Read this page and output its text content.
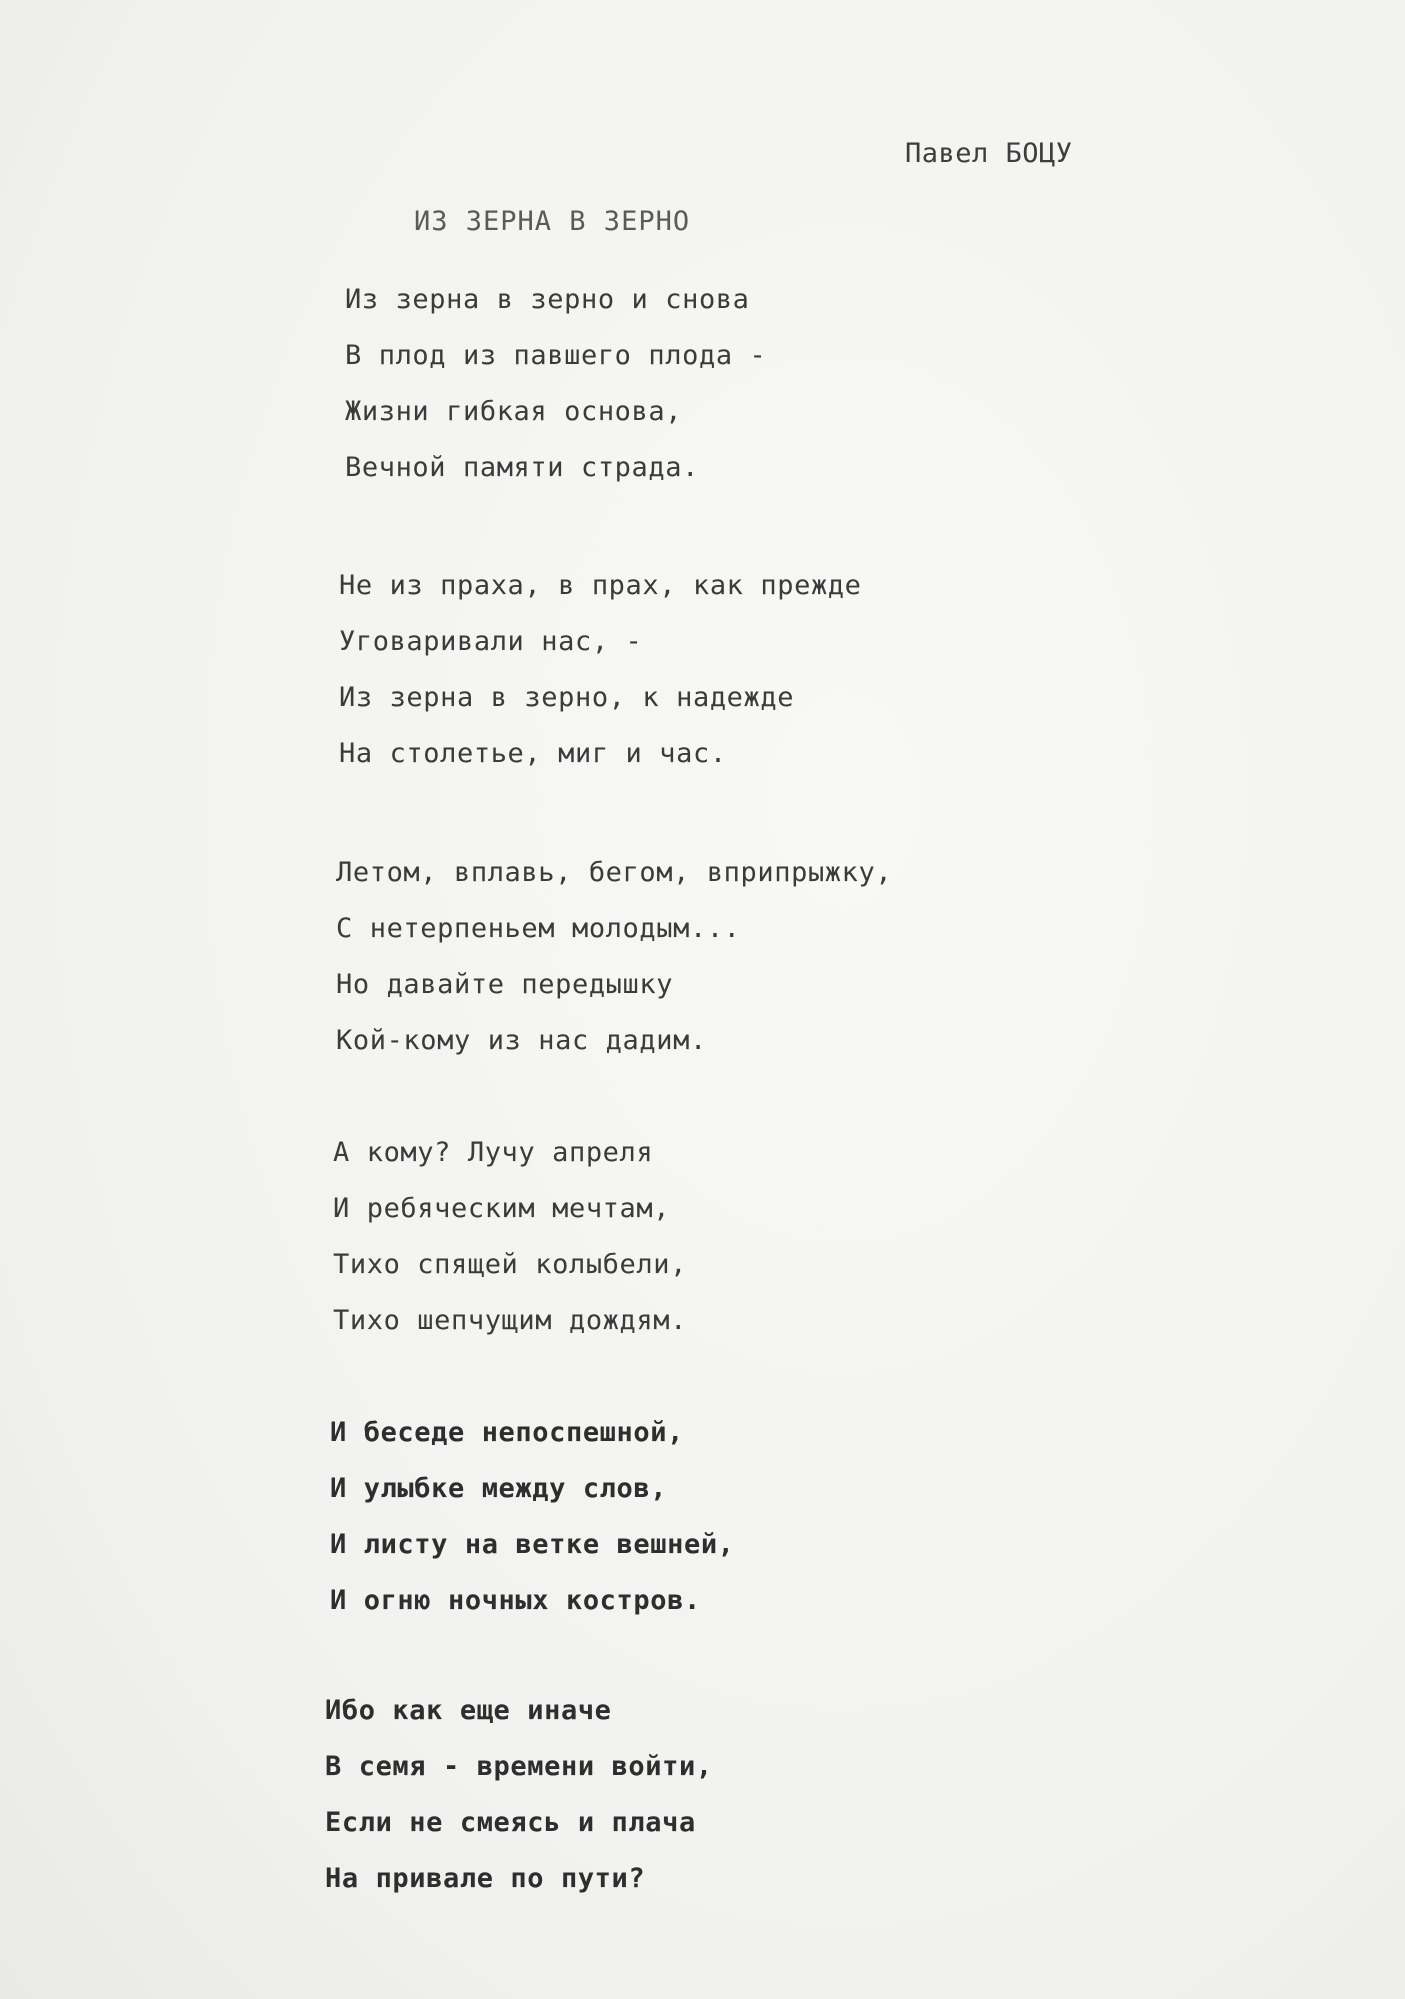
Павел БОЦУ
ИЗ ЗЕРНА В ЗЕРНО
Из зерна в зерно и снова
В плод из павшего плода -
Жизни гибкая основа,
Вечной памяти страда.
Не из праха, в прах, как прежде
Уговаривали нас, -
Из зерна в зерно, к надежде
На столетье, миг и час.
Летом, вплавь, бегом, вприпрыжку,
С нетерпеньем молодым...
Но давайте передышку
Кой-кому из нас дадим.
А кому? Лучу апреля
И ребяческим мечтам,
Тихо спящей колыбели,
Тихо шепчущим дождям.
И беседе непоспешной,
И улыбке между слов,
И листу на ветке вешней,
И огню ночных костров.
Ибо как еще иначе
В семя - времени войти,
Если не смеясь и плача
На привале по пути?
